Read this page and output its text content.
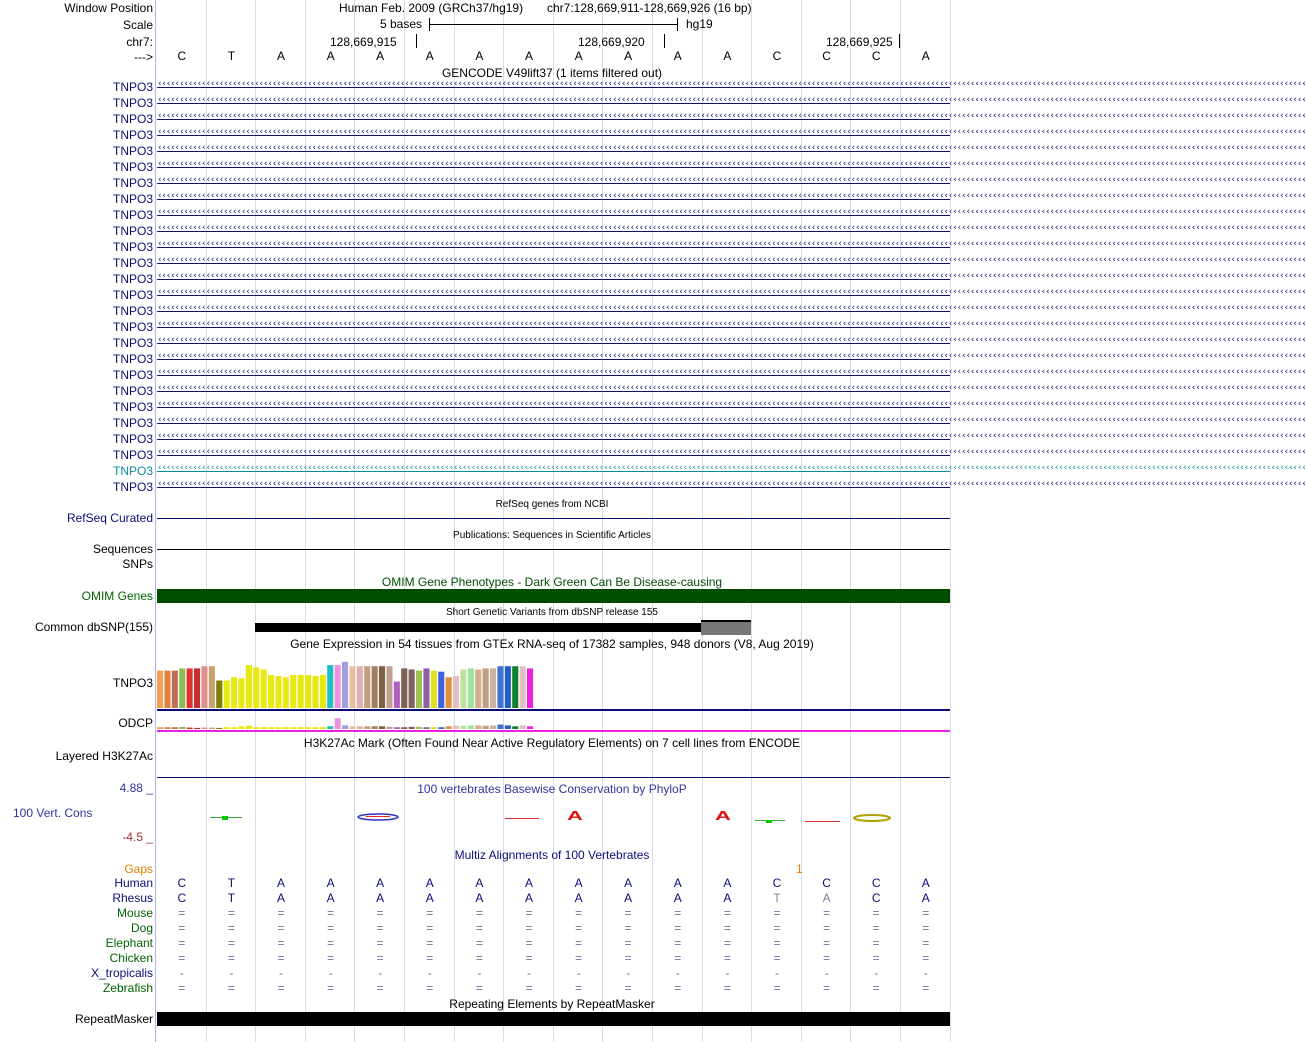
Window Position
Scale
chr7:
--->
Human Feb. 2009 (GRCh37/hg19) chr7:128,669,911-128,669,926 (16 bp)
5 bases	hg19
128,669,915	128,669,920	128,669,925
C	T	A	A	A	A	A	A	A	A	A	A	C	C	C	A
GENCODE V49lift37 (1 items filtered out)
TNPO3 ‹‹‹‹‹‹‹‹‹‹‹‹‹‹‹‹‹‹‹‹‹‹‹‹‹‹‹‹‹‹‹‹‹‹‹‹‹‹‹‹‹‹‹‹‹‹‹‹‹‹‹‹‹‹‹‹‹‹‹‹‹‹‹‹‹‹‹‹‹‹‹‹‹‹‹‹‹‹‹‹‹‹‹‹‹‹‹‹‹‹‹‹‹‹‹‹‹‹‹‹‹‹‹‹‹‹‹‹‹‹‹‹‹‹‹‹‹‹‹‹‹‹‹‹‹‹‹‹‹‹‹‹‹‹‹‹‹‹‹‹‹‹‹‹‹‹‹‹‹‹‹‹‹‹‹‹‹‹‹‹‹‹‹‹‹‹‹‹‹‹‹‹‹‹‹‹‹‹‹‹‹‹‹‹‹‹‹‹‹‹‹‹‹‹‹‹‹‹‹‹‹‹‹‹‹‹‹‹‹‹‹‹‹‹‹‹‹‹‹‹‹‹‹‹‹‹‹‹‹‹‹‹‹‹‹‹‹‹‹‹‹‹‹‹‹‹‹‹‹‹‹‹‹‹‹‹‹‹‹‹
TNPO3 ‹‹‹‹‹‹‹‹‹‹‹‹‹‹‹‹‹‹‹‹‹‹‹‹‹‹‹‹‹‹‹‹‹‹‹‹‹‹‹‹‹‹‹‹‹‹‹‹‹‹‹‹‹‹‹‹‹‹‹‹‹‹‹‹‹‹‹‹‹‹‹‹‹‹‹‹‹‹‹‹‹‹‹‹‹‹‹‹‹‹‹‹‹‹‹‹‹‹‹‹‹‹‹‹‹‹‹‹‹‹‹‹‹‹‹‹‹‹‹‹‹‹‹‹‹‹‹‹‹‹‹‹‹‹‹‹‹‹‹‹‹‹‹‹‹‹‹‹‹‹‹‹‹‹‹‹‹‹‹‹‹‹‹‹‹‹‹‹‹‹‹‹‹‹‹‹‹‹‹‹‹‹‹‹‹‹‹‹‹‹‹‹‹‹‹‹‹‹‹‹‹‹‹‹‹‹‹‹‹‹‹‹‹‹‹‹‹‹‹‹‹‹‹‹‹‹‹‹‹‹‹‹‹‹‹‹‹‹‹‹‹‹‹‹‹‹‹‹‹‹‹‹‹‹‹‹‹‹‹‹
TNPO3 ‹‹‹‹‹‹‹‹‹‹‹‹‹‹‹‹‹‹‹‹‹‹‹‹‹‹‹‹‹‹‹‹‹‹‹‹‹‹‹‹‹‹‹‹‹‹‹‹‹‹‹‹‹‹‹‹‹‹‹‹‹‹‹‹‹‹‹‹‹‹‹‹‹‹‹‹‹‹‹‹‹‹‹‹‹‹‹‹‹‹‹‹‹‹‹‹‹‹‹‹‹‹‹‹‹‹‹‹‹‹‹‹‹‹‹‹‹‹‹‹‹‹‹‹‹‹‹‹‹‹‹‹‹‹‹‹‹‹‹‹‹‹‹‹‹‹‹‹‹‹‹‹‹‹‹‹‹‹‹‹‹‹‹‹‹‹‹‹‹‹‹‹‹‹‹‹‹‹‹‹‹‹‹‹‹‹‹‹‹‹‹‹‹‹‹‹‹‹‹‹‹‹‹‹‹‹‹‹‹‹‹‹‹‹‹‹‹‹‹‹‹‹‹‹‹‹‹‹‹‹‹‹‹‹‹‹‹‹‹‹‹‹‹‹‹‹‹‹‹‹‹‹‹‹‹‹‹‹‹‹
TNPO3 ‹‹‹‹‹‹‹‹‹‹‹‹‹‹‹‹‹‹‹‹‹‹‹‹‹‹‹‹‹‹‹‹‹‹‹‹‹‹‹‹‹‹‹‹‹‹‹‹‹‹‹‹‹‹‹‹‹‹‹‹‹‹‹‹‹‹‹‹‹‹‹‹‹‹‹‹‹‹‹‹‹‹‹‹‹‹‹‹‹‹‹‹‹‹‹‹‹‹‹‹‹‹‹‹‹‹‹‹‹‹‹‹‹‹‹‹‹‹‹‹‹‹‹‹‹‹‹‹‹‹‹‹‹‹‹‹‹‹‹‹‹‹‹‹‹‹‹‹‹‹‹‹‹‹‹‹‹‹‹‹‹‹‹‹‹‹‹‹‹‹‹‹‹‹‹‹‹‹‹‹‹‹‹‹‹‹‹‹‹‹‹‹‹‹‹‹‹‹‹‹‹‹‹‹‹‹‹‹‹‹‹‹‹‹‹‹‹‹‹‹‹‹‹‹‹‹‹‹‹‹‹‹‹‹‹‹‹‹‹‹‹‹‹‹‹‹‹‹‹‹‹‹‹‹‹‹‹‹‹‹
TNPO3 ‹‹‹‹‹‹‹‹‹‹‹‹‹‹‹‹‹‹‹‹‹‹‹‹‹‹‹‹‹‹‹‹‹‹‹‹‹‹‹‹‹‹‹‹‹‹‹‹‹‹‹‹‹‹‹‹‹‹‹‹‹‹‹‹‹‹‹‹‹‹‹‹‹‹‹‹‹‹‹‹‹‹‹‹‹‹‹‹‹‹‹‹‹‹‹‹‹‹‹‹‹‹‹‹‹‹‹‹‹‹‹‹‹‹‹‹‹‹‹‹‹‹‹‹‹‹‹‹‹‹‹‹‹‹‹‹‹‹‹‹‹‹‹‹‹‹‹‹‹‹‹‹‹‹‹‹‹‹‹‹‹‹‹‹‹‹‹‹‹‹‹‹‹‹‹‹‹‹‹‹‹‹‹‹‹‹‹‹‹‹‹‹‹‹‹‹‹‹‹‹‹‹‹‹‹‹‹‹‹‹‹‹‹‹‹‹‹‹‹‹‹‹‹‹‹‹‹‹‹‹‹‹‹‹‹‹‹‹‹‹‹‹‹‹‹‹‹‹‹‹‹‹‹‹‹‹‹‹‹‹
TNPO3 ‹‹‹‹‹‹‹‹‹‹‹‹‹‹‹‹‹‹‹‹‹‹‹‹‹‹‹‹‹‹‹‹‹‹‹‹‹‹‹‹‹‹‹‹‹‹‹‹‹‹‹‹‹‹‹‹‹‹‹‹‹‹‹‹‹‹‹‹‹‹‹‹‹‹‹‹‹‹‹‹‹‹‹‹‹‹‹‹‹‹‹‹‹‹‹‹‹‹‹‹‹‹‹‹‹‹‹‹‹‹‹‹‹‹‹‹‹‹‹‹‹‹‹‹‹‹‹‹‹‹‹‹‹‹‹‹‹‹‹‹‹‹‹‹‹‹‹‹‹‹‹‹‹‹‹‹‹‹‹‹‹‹‹‹‹‹‹‹‹‹‹‹‹‹‹‹‹‹‹‹‹‹‹‹‹‹‹‹‹‹‹‹‹‹‹‹‹‹‹‹‹‹‹‹‹‹‹‹‹‹‹‹‹‹‹‹‹‹‹‹‹‹‹‹‹‹‹‹‹‹‹‹‹‹‹‹‹‹‹‹‹‹‹‹‹‹‹‹‹‹‹‹‹‹‹‹‹‹‹‹
TNPO3 ‹‹‹‹‹‹‹‹‹‹‹‹‹‹‹‹‹‹‹‹‹‹‹‹‹‹‹‹‹‹‹‹‹‹‹‹‹‹‹‹‹‹‹‹‹‹‹‹‹‹‹‹‹‹‹‹‹‹‹‹‹‹‹‹‹‹‹‹‹‹‹‹‹‹‹‹‹‹‹‹‹‹‹‹‹‹‹‹‹‹‹‹‹‹‹‹‹‹‹‹‹‹‹‹‹‹‹‹‹‹‹‹‹‹‹‹‹‹‹‹‹‹‹‹‹‹‹‹‹‹‹‹‹‹‹‹‹‹‹‹‹‹‹‹‹‹‹‹‹‹‹‹‹‹‹‹‹‹‹‹‹‹‹‹‹‹‹‹‹‹‹‹‹‹‹‹‹‹‹‹‹‹‹‹‹‹‹‹‹‹‹‹‹‹‹‹‹‹‹‹‹‹‹‹‹‹‹‹‹‹‹‹‹‹‹‹‹‹‹‹‹‹‹‹‹‹‹‹‹‹‹‹‹‹‹‹‹‹‹‹‹‹‹‹‹‹‹‹‹‹‹‹‹‹‹‹‹‹‹‹
TNPO3 ‹‹‹‹‹‹‹‹‹‹‹‹‹‹‹‹‹‹‹‹‹‹‹‹‹‹‹‹‹‹‹‹‹‹‹‹‹‹‹‹‹‹‹‹‹‹‹‹‹‹‹‹‹‹‹‹‹‹‹‹‹‹‹‹‹‹‹‹‹‹‹‹‹‹‹‹‹‹‹‹‹‹‹‹‹‹‹‹‹‹‹‹‹‹‹‹‹‹‹‹‹‹‹‹‹‹‹‹‹‹‹‹‹‹‹‹‹‹‹‹‹‹‹‹‹‹‹‹‹‹‹‹‹‹‹‹‹‹‹‹‹‹‹‹‹‹‹‹‹‹‹‹‹‹‹‹‹‹‹‹‹‹‹‹‹‹‹‹‹‹‹‹‹‹‹‹‹‹‹‹‹‹‹‹‹‹‹‹‹‹‹‹‹‹‹‹‹‹‹‹‹‹‹‹‹‹‹‹‹‹‹‹‹‹‹‹‹‹‹‹‹‹‹‹‹‹‹‹‹‹‹‹‹‹‹‹‹‹‹‹‹‹‹‹‹‹‹‹‹‹‹‹‹‹‹‹‹‹‹‹
TNPO3 ‹‹‹‹‹‹‹‹‹‹‹‹‹‹‹‹‹‹‹‹‹‹‹‹‹‹‹‹‹‹‹‹‹‹‹‹‹‹‹‹‹‹‹‹‹‹‹‹‹‹‹‹‹‹‹‹‹‹‹‹‹‹‹‹‹‹‹‹‹‹‹‹‹‹‹‹‹‹‹‹‹‹‹‹‹‹‹‹‹‹‹‹‹‹‹‹‹‹‹‹‹‹‹‹‹‹‹‹‹‹‹‹‹‹‹‹‹‹‹‹‹‹‹‹‹‹‹‹‹‹‹‹‹‹‹‹‹‹‹‹‹‹‹‹‹‹‹‹‹‹‹‹‹‹‹‹‹‹‹‹‹‹‹‹‹‹‹‹‹‹‹‹‹‹‹‹‹‹‹‹‹‹‹‹‹‹‹‹‹‹‹‹‹‹‹‹‹‹‹‹‹‹‹‹‹‹‹‹‹‹‹‹‹‹‹‹‹‹‹‹‹‹‹‹‹‹‹‹‹‹‹‹‹‹‹‹‹‹‹‹‹‹‹‹‹‹‹‹‹‹‹‹‹‹‹‹‹‹‹‹
TNPO3 ‹‹‹‹‹‹‹‹‹‹‹‹‹‹‹‹‹‹‹‹‹‹‹‹‹‹‹‹‹‹‹‹‹‹‹‹‹‹‹‹‹‹‹‹‹‹‹‹‹‹‹‹‹‹‹‹‹‹‹‹‹‹‹‹‹‹‹‹‹‹‹‹‹‹‹‹‹‹‹‹‹‹‹‹‹‹‹‹‹‹‹‹‹‹‹‹‹‹‹‹‹‹‹‹‹‹‹‹‹‹‹‹‹‹‹‹‹‹‹‹‹‹‹‹‹‹‹‹‹‹‹‹‹‹‹‹‹‹‹‹‹‹‹‹‹‹‹‹‹‹‹‹‹‹‹‹‹‹‹‹‹‹‹‹‹‹‹‹‹‹‹‹‹‹‹‹‹‹‹‹‹‹‹‹‹‹‹‹‹‹‹‹‹‹‹‹‹‹‹‹‹‹‹‹‹‹‹‹‹‹‹‹‹‹‹‹‹‹‹‹‹‹‹‹‹‹‹‹‹‹‹‹‹‹‹‹‹‹‹‹‹‹‹‹‹‹‹‹‹‹‹‹‹‹‹‹‹‹‹‹
TNPO3 ‹‹‹‹‹‹‹‹‹‹‹‹‹‹‹‹‹‹‹‹‹‹‹‹‹‹‹‹‹‹‹‹‹‹‹‹‹‹‹‹‹‹‹‹‹‹‹‹‹‹‹‹‹‹‹‹‹‹‹‹‹‹‹‹‹‹‹‹‹‹‹‹‹‹‹‹‹‹‹‹‹‹‹‹‹‹‹‹‹‹‹‹‹‹‹‹‹‹‹‹‹‹‹‹‹‹‹‹‹‹‹‹‹‹‹‹‹‹‹‹‹‹‹‹‹‹‹‹‹‹‹‹‹‹‹‹‹‹‹‹‹‹‹‹‹‹‹‹‹‹‹‹‹‹‹‹‹‹‹‹‹‹‹‹‹‹‹‹‹‹‹‹‹‹‹‹‹‹‹‹‹‹‹‹‹‹‹‹‹‹‹‹‹‹‹‹‹‹‹‹‹‹‹‹‹‹‹‹‹‹‹‹‹‹‹‹‹‹‹‹‹‹‹‹‹‹‹‹‹‹‹‹‹‹‹‹‹‹‹‹‹‹‹‹‹‹‹‹‹‹‹‹‹‹‹‹‹‹‹‹
TNPO3 ‹‹‹‹‹‹‹‹‹‹‹‹‹‹‹‹‹‹‹‹‹‹‹‹‹‹‹‹‹‹‹‹‹‹‹‹‹‹‹‹‹‹‹‹‹‹‹‹‹‹‹‹‹‹‹‹‹‹‹‹‹‹‹‹‹‹‹‹‹‹‹‹‹‹‹‹‹‹‹‹‹‹‹‹‹‹‹‹‹‹‹‹‹‹‹‹‹‹‹‹‹‹‹‹‹‹‹‹‹‹‹‹‹‹‹‹‹‹‹‹‹‹‹‹‹‹‹‹‹‹‹‹‹‹‹‹‹‹‹‹‹‹‹‹‹‹‹‹‹‹‹‹‹‹‹‹‹‹‹‹‹‹‹‹‹‹‹‹‹‹‹‹‹‹‹‹‹‹‹‹‹‹‹‹‹‹‹‹‹‹‹‹‹‹‹‹‹‹‹‹‹‹‹‹‹‹‹‹‹‹‹‹‹‹‹‹‹‹‹‹‹‹‹‹‹‹‹‹‹‹‹‹‹‹‹‹‹‹‹‹‹‹‹‹‹‹‹‹‹‹‹‹‹‹‹‹‹‹‹‹
TNPO3 ‹‹‹‹‹‹‹‹‹‹‹‹‹‹‹‹‹‹‹‹‹‹‹‹‹‹‹‹‹‹‹‹‹‹‹‹‹‹‹‹‹‹‹‹‹‹‹‹‹‹‹‹‹‹‹‹‹‹‹‹‹‹‹‹‹‹‹‹‹‹‹‹‹‹‹‹‹‹‹‹‹‹‹‹‹‹‹‹‹‹‹‹‹‹‹‹‹‹‹‹‹‹‹‹‹‹‹‹‹‹‹‹‹‹‹‹‹‹‹‹‹‹‹‹‹‹‹‹‹‹‹‹‹‹‹‹‹‹‹‹‹‹‹‹‹‹‹‹‹‹‹‹‹‹‹‹‹‹‹‹‹‹‹‹‹‹‹‹‹‹‹‹‹‹‹‹‹‹‹‹‹‹‹‹‹‹‹‹‹‹‹‹‹‹‹‹‹‹‹‹‹‹‹‹‹‹‹‹‹‹‹‹‹‹‹‹‹‹‹‹‹‹‹‹‹‹‹‹‹‹‹‹‹‹‹‹‹‹‹‹‹‹‹‹‹‹‹‹‹‹‹‹‹‹‹‹‹‹‹‹
TNPO3 ‹‹‹‹‹‹‹‹‹‹‹‹‹‹‹‹‹‹‹‹‹‹‹‹‹‹‹‹‹‹‹‹‹‹‹‹‹‹‹‹‹‹‹‹‹‹‹‹‹‹‹‹‹‹‹‹‹‹‹‹‹‹‹‹‹‹‹‹‹‹‹‹‹‹‹‹‹‹‹‹‹‹‹‹‹‹‹‹‹‹‹‹‹‹‹‹‹‹‹‹‹‹‹‹‹‹‹‹‹‹‹‹‹‹‹‹‹‹‹‹‹‹‹‹‹‹‹‹‹‹‹‹‹‹‹‹‹‹‹‹‹‹‹‹‹‹‹‹‹‹‹‹‹‹‹‹‹‹‹‹‹‹‹‹‹‹‹‹‹‹‹‹‹‹‹‹‹‹‹‹‹‹‹‹‹‹‹‹‹‹‹‹‹‹‹‹‹‹‹‹‹‹‹‹‹‹‹‹‹‹‹‹‹‹‹‹‹‹‹‹‹‹‹‹‹‹‹‹‹‹‹‹‹‹‹‹‹‹‹‹‹‹‹‹‹‹‹‹‹‹‹‹‹‹‹‹‹‹‹‹
TNPO3 ‹‹‹‹‹‹‹‹‹‹‹‹‹‹‹‹‹‹‹‹‹‹‹‹‹‹‹‹‹‹‹‹‹‹‹‹‹‹‹‹‹‹‹‹‹‹‹‹‹‹‹‹‹‹‹‹‹‹‹‹‹‹‹‹‹‹‹‹‹‹‹‹‹‹‹‹‹‹‹‹‹‹‹‹‹‹‹‹‹‹‹‹‹‹‹‹‹‹‹‹‹‹‹‹‹‹‹‹‹‹‹‹‹‹‹‹‹‹‹‹‹‹‹‹‹‹‹‹‹‹‹‹‹‹‹‹‹‹‹‹‹‹‹‹‹‹‹‹‹‹‹‹‹‹‹‹‹‹‹‹‹‹‹‹‹‹‹‹‹‹‹‹‹‹‹‹‹‹‹‹‹‹‹‹‹‹‹‹‹‹‹‹‹‹‹‹‹‹‹‹‹‹‹‹‹‹‹‹‹‹‹‹‹‹‹‹‹‹‹‹‹‹‹‹‹‹‹‹‹‹‹‹‹‹‹‹‹‹‹‹‹‹‹‹‹‹‹‹‹‹‹‹‹‹‹‹‹‹‹‹
TNPO3 ‹‹‹‹‹‹‹‹‹‹‹‹‹‹‹‹‹‹‹‹‹‹‹‹‹‹‹‹‹‹‹‹‹‹‹‹‹‹‹‹‹‹‹‹‹‹‹‹‹‹‹‹‹‹‹‹‹‹‹‹‹‹‹‹‹‹‹‹‹‹‹‹‹‹‹‹‹‹‹‹‹‹‹‹‹‹‹‹‹‹‹‹‹‹‹‹‹‹‹‹‹‹‹‹‹‹‹‹‹‹‹‹‹‹‹‹‹‹‹‹‹‹‹‹‹‹‹‹‹‹‹‹‹‹‹‹‹‹‹‹‹‹‹‹‹‹‹‹‹‹‹‹‹‹‹‹‹‹‹‹‹‹‹‹‹‹‹‹‹‹‹‹‹‹‹‹‹‹‹‹‹‹‹‹‹‹‹‹‹‹‹‹‹‹‹‹‹‹‹‹‹‹‹‹‹‹‹‹‹‹‹‹‹‹‹‹‹‹‹‹‹‹‹‹‹‹‹‹‹‹‹‹‹‹‹‹‹‹‹‹‹‹‹‹‹‹‹‹‹‹‹‹‹‹‹‹‹‹‹‹
TNPO3 ‹‹‹‹‹‹‹‹‹‹‹‹‹‹‹‹‹‹‹‹‹‹‹‹‹‹‹‹‹‹‹‹‹‹‹‹‹‹‹‹‹‹‹‹‹‹‹‹‹‹‹‹‹‹‹‹‹‹‹‹‹‹‹‹‹‹‹‹‹‹‹‹‹‹‹‹‹‹‹‹‹‹‹‹‹‹‹‹‹‹‹‹‹‹‹‹‹‹‹‹‹‹‹‹‹‹‹‹‹‹‹‹‹‹‹‹‹‹‹‹‹‹‹‹‹‹‹‹‹‹‹‹‹‹‹‹‹‹‹‹‹‹‹‹‹‹‹‹‹‹‹‹‹‹‹‹‹‹‹‹‹‹‹‹‹‹‹‹‹‹‹‹‹‹‹‹‹‹‹‹‹‹‹‹‹‹‹‹‹‹‹‹‹‹‹‹‹‹‹‹‹‹‹‹‹‹‹‹‹‹‹‹‹‹‹‹‹‹‹‹‹‹‹‹‹‹‹‹‹‹‹‹‹‹‹‹‹‹‹‹‹‹‹‹‹‹‹‹‹‹‹‹‹‹‹‹‹‹‹‹
TNPO3 ‹‹‹‹‹‹‹‹‹‹‹‹‹‹‹‹‹‹‹‹‹‹‹‹‹‹‹‹‹‹‹‹‹‹‹‹‹‹‹‹‹‹‹‹‹‹‹‹‹‹‹‹‹‹‹‹‹‹‹‹‹‹‹‹‹‹‹‹‹‹‹‹‹‹‹‹‹‹‹‹‹‹‹‹‹‹‹‹‹‹‹‹‹‹‹‹‹‹‹‹‹‹‹‹‹‹‹‹‹‹‹‹‹‹‹‹‹‹‹‹‹‹‹‹‹‹‹‹‹‹‹‹‹‹‹‹‹‹‹‹‹‹‹‹‹‹‹‹‹‹‹‹‹‹‹‹‹‹‹‹‹‹‹‹‹‹‹‹‹‹‹‹‹‹‹‹‹‹‹‹‹‹‹‹‹‹‹‹‹‹‹‹‹‹‹‹‹‹‹‹‹‹‹‹‹‹‹‹‹‹‹‹‹‹‹‹‹‹‹‹‹‹‹‹‹‹‹‹‹‹‹‹‹‹‹‹‹‹‹‹‹‹‹‹‹‹‹‹‹‹‹‹‹‹‹‹‹‹‹‹
TNPO3 ‹‹‹‹‹‹‹‹‹‹‹‹‹‹‹‹‹‹‹‹‹‹‹‹‹‹‹‹‹‹‹‹‹‹‹‹‹‹‹‹‹‹‹‹‹‹‹‹‹‹‹‹‹‹‹‹‹‹‹‹‹‹‹‹‹‹‹‹‹‹‹‹‹‹‹‹‹‹‹‹‹‹‹‹‹‹‹‹‹‹‹‹‹‹‹‹‹‹‹‹‹‹‹‹‹‹‹‹‹‹‹‹‹‹‹‹‹‹‹‹‹‹‹‹‹‹‹‹‹‹‹‹‹‹‹‹‹‹‹‹‹‹‹‹‹‹‹‹‹‹‹‹‹‹‹‹‹‹‹‹‹‹‹‹‹‹‹‹‹‹‹‹‹‹‹‹‹‹‹‹‹‹‹‹‹‹‹‹‹‹‹‹‹‹‹‹‹‹‹‹‹‹‹‹‹‹‹‹‹‹‹‹‹‹‹‹‹‹‹‹‹‹‹‹‹‹‹‹‹‹‹‹‹‹‹‹‹‹‹‹‹‹‹‹‹‹‹‹‹‹‹‹‹‹‹‹‹‹‹‹
TNPO3 ‹‹‹‹‹‹‹‹‹‹‹‹‹‹‹‹‹‹‹‹‹‹‹‹‹‹‹‹‹‹‹‹‹‹‹‹‹‹‹‹‹‹‹‹‹‹‹‹‹‹‹‹‹‹‹‹‹‹‹‹‹‹‹‹‹‹‹‹‹‹‹‹‹‹‹‹‹‹‹‹‹‹‹‹‹‹‹‹‹‹‹‹‹‹‹‹‹‹‹‹‹‹‹‹‹‹‹‹‹‹‹‹‹‹‹‹‹‹‹‹‹‹‹‹‹‹‹‹‹‹‹‹‹‹‹‹‹‹‹‹‹‹‹‹‹‹‹‹‹‹‹‹‹‹‹‹‹‹‹‹‹‹‹‹‹‹‹‹‹‹‹‹‹‹‹‹‹‹‹‹‹‹‹‹‹‹‹‹‹‹‹‹‹‹‹‹‹‹‹‹‹‹‹‹‹‹‹‹‹‹‹‹‹‹‹‹‹‹‹‹‹‹‹‹‹‹‹‹‹‹‹‹‹‹‹‹‹‹‹‹‹‹‹‹‹‹‹‹‹‹‹‹‹‹‹‹‹‹‹‹
TNPO3 ‹‹‹‹‹‹‹‹‹‹‹‹‹‹‹‹‹‹‹‹‹‹‹‹‹‹‹‹‹‹‹‹‹‹‹‹‹‹‹‹‹‹‹‹‹‹‹‹‹‹‹‹‹‹‹‹‹‹‹‹‹‹‹‹‹‹‹‹‹‹‹‹‹‹‹‹‹‹‹‹‹‹‹‹‹‹‹‹‹‹‹‹‹‹‹‹‹‹‹‹‹‹‹‹‹‹‹‹‹‹‹‹‹‹‹‹‹‹‹‹‹‹‹‹‹‹‹‹‹‹‹‹‹‹‹‹‹‹‹‹‹‹‹‹‹‹‹‹‹‹‹‹‹‹‹‹‹‹‹‹‹‹‹‹‹‹‹‹‹‹‹‹‹‹‹‹‹‹‹‹‹‹‹‹‹‹‹‹‹‹‹‹‹‹‹‹‹‹‹‹‹‹‹‹‹‹‹‹‹‹‹‹‹‹‹‹‹‹‹‹‹‹‹‹‹‹‹‹‹‹‹‹‹‹‹‹‹‹‹‹‹‹‹‹‹‹‹‹‹‹‹‹‹‹‹‹‹‹‹‹
TNPO3 ‹‹‹‹‹‹‹‹‹‹‹‹‹‹‹‹‹‹‹‹‹‹‹‹‹‹‹‹‹‹‹‹‹‹‹‹‹‹‹‹‹‹‹‹‹‹‹‹‹‹‹‹‹‹‹‹‹‹‹‹‹‹‹‹‹‹‹‹‹‹‹‹‹‹‹‹‹‹‹‹‹‹‹‹‹‹‹‹‹‹‹‹‹‹‹‹‹‹‹‹‹‹‹‹‹‹‹‹‹‹‹‹‹‹‹‹‹‹‹‹‹‹‹‹‹‹‹‹‹‹‹‹‹‹‹‹‹‹‹‹‹‹‹‹‹‹‹‹‹‹‹‹‹‹‹‹‹‹‹‹‹‹‹‹‹‹‹‹‹‹‹‹‹‹‹‹‹‹‹‹‹‹‹‹‹‹‹‹‹‹‹‹‹‹‹‹‹‹‹‹‹‹‹‹‹‹‹‹‹‹‹‹‹‹‹‹‹‹‹‹‹‹‹‹‹‹‹‹‹‹‹‹‹‹‹‹‹‹‹‹‹‹‹‹‹‹‹‹‹‹‹‹‹‹‹‹‹‹‹‹
TNPO3 ‹‹‹‹‹‹‹‹‹‹‹‹‹‹‹‹‹‹‹‹‹‹‹‹‹‹‹‹‹‹‹‹‹‹‹‹‹‹‹‹‹‹‹‹‹‹‹‹‹‹‹‹‹‹‹‹‹‹‹‹‹‹‹‹‹‹‹‹‹‹‹‹‹‹‹‹‹‹‹‹‹‹‹‹‹‹‹‹‹‹‹‹‹‹‹‹‹‹‹‹‹‹‹‹‹‹‹‹‹‹‹‹‹‹‹‹‹‹‹‹‹‹‹‹‹‹‹‹‹‹‹‹‹‹‹‹‹‹‹‹‹‹‹‹‹‹‹‹‹‹‹‹‹‹‹‹‹‹‹‹‹‹‹‹‹‹‹‹‹‹‹‹‹‹‹‹‹‹‹‹‹‹‹‹‹‹‹‹‹‹‹‹‹‹‹‹‹‹‹‹‹‹‹‹‹‹‹‹‹‹‹‹‹‹‹‹‹‹‹‹‹‹‹‹‹‹‹‹‹‹‹‹‹‹‹‹‹‹‹‹‹‹‹‹‹‹‹‹‹‹‹‹‹‹‹‹‹‹‹‹
TNPO3 ‹‹‹‹‹‹‹‹‹‹‹‹‹‹‹‹‹‹‹‹‹‹‹‹‹‹‹‹‹‹‹‹‹‹‹‹‹‹‹‹‹‹‹‹‹‹‹‹‹‹‹‹‹‹‹‹‹‹‹‹‹‹‹‹‹‹‹‹‹‹‹‹‹‹‹‹‹‹‹‹‹‹‹‹‹‹‹‹‹‹‹‹‹‹‹‹‹‹‹‹‹‹‹‹‹‹‹‹‹‹‹‹‹‹‹‹‹‹‹‹‹‹‹‹‹‹‹‹‹‹‹‹‹‹‹‹‹‹‹‹‹‹‹‹‹‹‹‹‹‹‹‹‹‹‹‹‹‹‹‹‹‹‹‹‹‹‹‹‹‹‹‹‹‹‹‹‹‹‹‹‹‹‹‹‹‹‹‹‹‹‹‹‹‹‹‹‹‹‹‹‹‹‹‹‹‹‹‹‹‹‹‹‹‹‹‹‹‹‹‹‹‹‹‹‹‹‹‹‹‹‹‹‹‹‹‹‹‹‹‹‹‹‹‹‹‹‹‹‹‹‹‹‹‹‹‹‹‹‹‹
TNPO3 ‹‹‹‹‹‹‹‹‹‹‹‹‹‹‹‹‹‹‹‹‹‹‹‹‹‹‹‹‹‹‹‹‹‹‹‹‹‹‹‹‹‹‹‹‹‹‹‹‹‹‹‹‹‹‹‹‹‹‹‹‹‹‹‹‹‹‹‹‹‹‹‹‹‹‹‹‹‹‹‹‹‹‹‹‹‹‹‹‹‹‹‹‹‹‹‹‹‹‹‹‹‹‹‹‹‹‹‹‹‹‹‹‹‹‹‹‹‹‹‹‹‹‹‹‹‹‹‹‹‹‹‹‹‹‹‹‹‹‹‹‹‹‹‹‹‹‹‹‹‹‹‹‹‹‹‹‹‹‹‹‹‹‹‹‹‹‹‹‹‹‹‹‹‹‹‹‹‹‹‹‹‹‹‹‹‹‹‹‹‹‹‹‹‹‹‹‹‹‹‹‹‹‹‹‹‹‹‹‹‹‹‹‹‹‹‹‹‹‹‹‹‹‹‹‹‹‹‹‹‹‹‹‹‹‹‹‹‹‹‹‹‹‹‹‹‹‹‹‹‹‹‹‹‹‹‹‹‹‹‹
TNPO3 ‹‹‹‹‹‹‹‹‹‹‹‹‹‹‹‹‹‹‹‹‹‹‹‹‹‹‹‹‹‹‹‹‹‹‹‹‹‹‹‹‹‹‹‹‹‹‹‹‹‹‹‹‹‹‹‹‹‹‹‹‹‹‹‹‹‹‹‹‹‹‹‹‹‹‹‹‹‹‹‹‹‹‹‹‹‹‹‹‹‹‹‹‹‹‹‹‹‹‹‹‹‹‹‹‹‹‹‹‹‹‹‹‹‹‹‹‹‹‹‹‹‹‹‹‹‹‹‹‹‹‹‹‹‹‹‹‹‹‹‹‹‹‹‹‹‹‹‹‹‹‹‹‹‹‹‹‹‹‹‹‹‹‹‹‹‹‹‹‹‹‹‹‹‹‹‹‹‹‹‹‹‹‹‹‹‹‹‹‹‹‹‹‹‹‹‹‹‹‹‹‹‹‹‹‹‹‹‹‹‹‹‹‹‹‹‹‹‹‹‹‹‹‹‹‹‹‹‹‹‹‹‹‹‹‹‹‹‹‹‹‹‹‹‹‹‹‹‹‹‹‹‹‹‹‹‹‹‹‹‹
RefSeq genes from NCBI
RefSeq Curated
Publications: Sequences in Scientific Articles
Sequences
SNPs
OMIM Gene Phenotypes - Dark Green Can Be Disease-causing
OMIM Genes
Short Genetic Variants from dbSNP release 155
Common dbSNP(155)
Gene Expression in 54 tissues from GTEx RNA-seq of 17382 samples, 948 donors (V8, Aug 2019)
TNPO3
ODCP
H3K27Ac Mark (Often Found Near Active Regulatory Elements) on 7 cell lines from ENCODE
Layered H3K27Ac
4.88 _	100 vertebrates Basewise Conservation by PhyloP
100 Vert. Cons
-4.5 _
A	A
Multiz Alignments of 100 Vertebrates
Gaps	1
Human	C	T	A	A	A	A	A	A	A	A	A	A	C	C	C	A
Rhesus	C	T	A	A	A	A	A	A	A	A	A	A	T	A	C	A
Mouse	=	=	=	=	=	=	=	=	=	=	=	=	=	=	=	=
Dog	=	=	=	=	=	=	=	=	=	=	=	=	=	=	=	=
Elephant	=	=	=	=	=	=	=	=	=	=	=	=	=	=	=	=
Chicken	=	=	=	=	=	=	=	=	=	=	=	=	=	=	=	=
X_tropicalis	-	-	-	-	-	-	-	-	-	-	-	-	-	-	-	-
Zebrafish	=	=	=	=	=	=	=	=	=	=	=	=	=	=	=	=
Repeating Elements by RepeatMasker
RepeatMasker
